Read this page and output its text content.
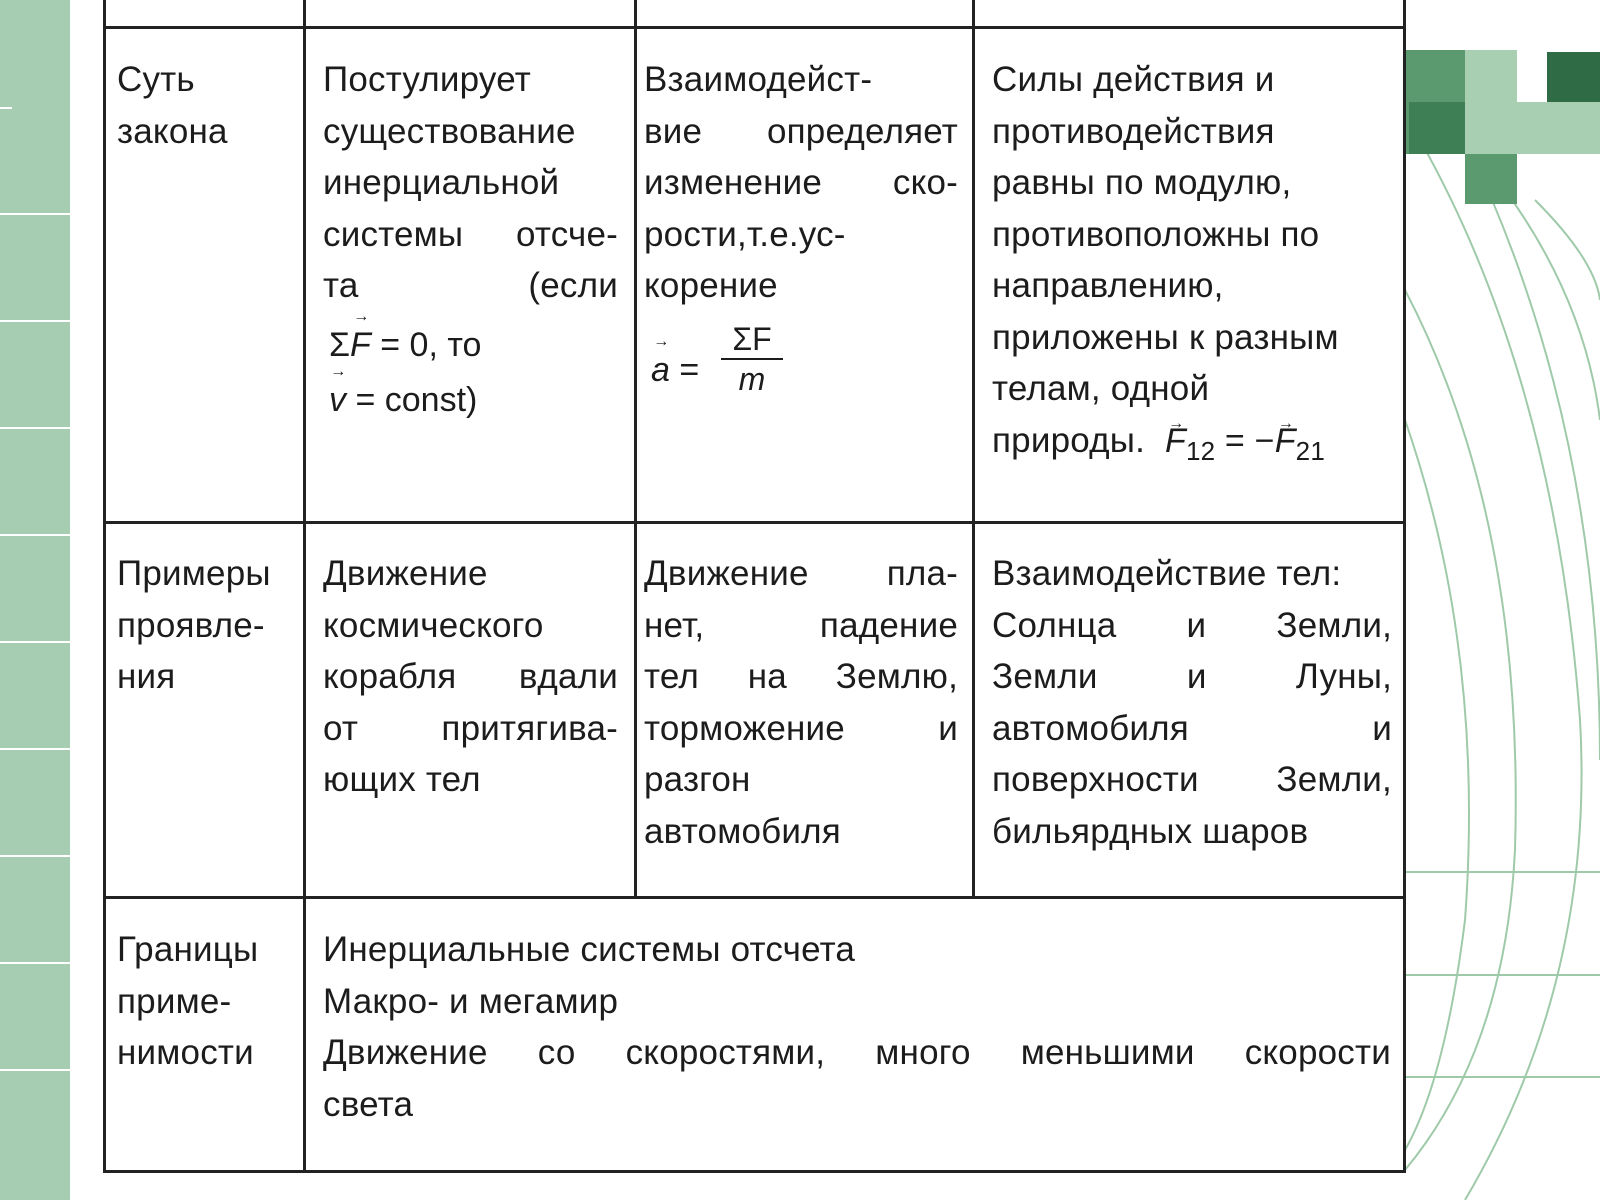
Суть
закона
Постулирует
существование
инерциальной
системы отсче-
та (если
Σ→ F = 0, то
→ v = const)
Взаимодейст-
вие определяет
изменение ско-
рости,т.е.ус-
корение
→ a =
ΣF
m
Силы действия и
противодействия
равны по модулю,
противоположны по
направлению,
приложены к разным
телам, одной
природы. → $F_{12}$ = −→ $F_{21}$
Примеры
проявле-
ния
Движение
космического
корабля вдали
от притягива-
ющих тел
Движение пла-
нет, падение
тел на Землю,
торможение и
разгон
автомобиля
Взаимодействие тел:
Солнца и Земли,
Земли и Луны,
автомобиля и
поверхности Земли,
бильярдных шаров
Границы
приме-
нимости
Инерциальные системы отсчета
Макро- и мегамир
Движение со скоростями, много меньшими скорости
света
